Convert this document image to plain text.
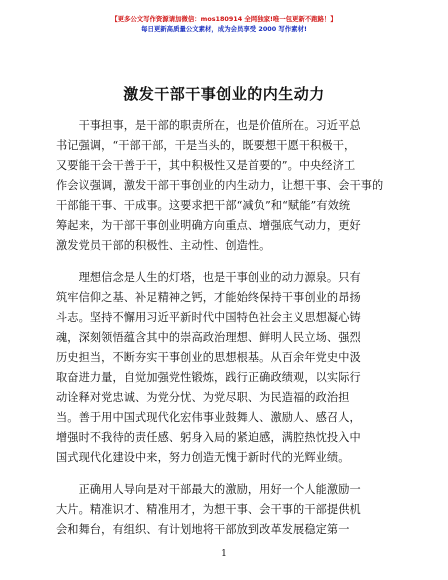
【更多公文写作资源请加微信：mos180914 全网独家!唯一包更新不跑路！】
每日更新高质量公文素材，成为会员享受 2000 写作素材!
激发干部干事创业的内生动力
　　干事担事，是干部的职责所在，也是价值所在。习近平总
书记强调，“干部干部，干是当头的，既要想干愿干积极干，
又要能干会干善于干，其中积极性又是首要的”。中央经济工
作会议强调，激发干部干事创业的内生动力，让想干事、会干事的
干部能干事、干成事。这要求把干部“减负”和“赋能”有效统
筹起来，为干部干事创业明确方向重点、增强底气动力，更好
激发党员干部的积极性、主动性、创造性。
　　理想信念是人生的灯塔，也是干事创业的动力源泉。只有
筑牢信仰之基、补足精神之钙，才能始终保持干事创业的昂扬
斗志。坚持不懈用习近平新时代中国特色社会主义思想凝心铸
魂，深刻领悟蕴含其中的崇高政治理想、鲜明人民立场、强烈
历史担当，不断夯实干事创业的思想根基。从百余年党史中汲
取奋进力量，自觉加强党性锻炼，践行正确政绩观，以实际行
动诠释对党忠诚、为党分忧、为党尽职、为民造福的政治担
当。善于用中国式现代化宏伟事业鼓舞人、激励人、感召人，
增强时不我待的责任感、躬身入局的紧迫感，满腔热忱投入中
国式现代化建设中来，努力创造无愧于新时代的光辉业绩。
　　正确用人导向是对干部最大的激励，用好一个人能激励一
大片。精准识才、精准用才，为想干事、会干事的干部提供机
会和舞台，有组织、有计划地将干部放到改革发展稳定第一
1
